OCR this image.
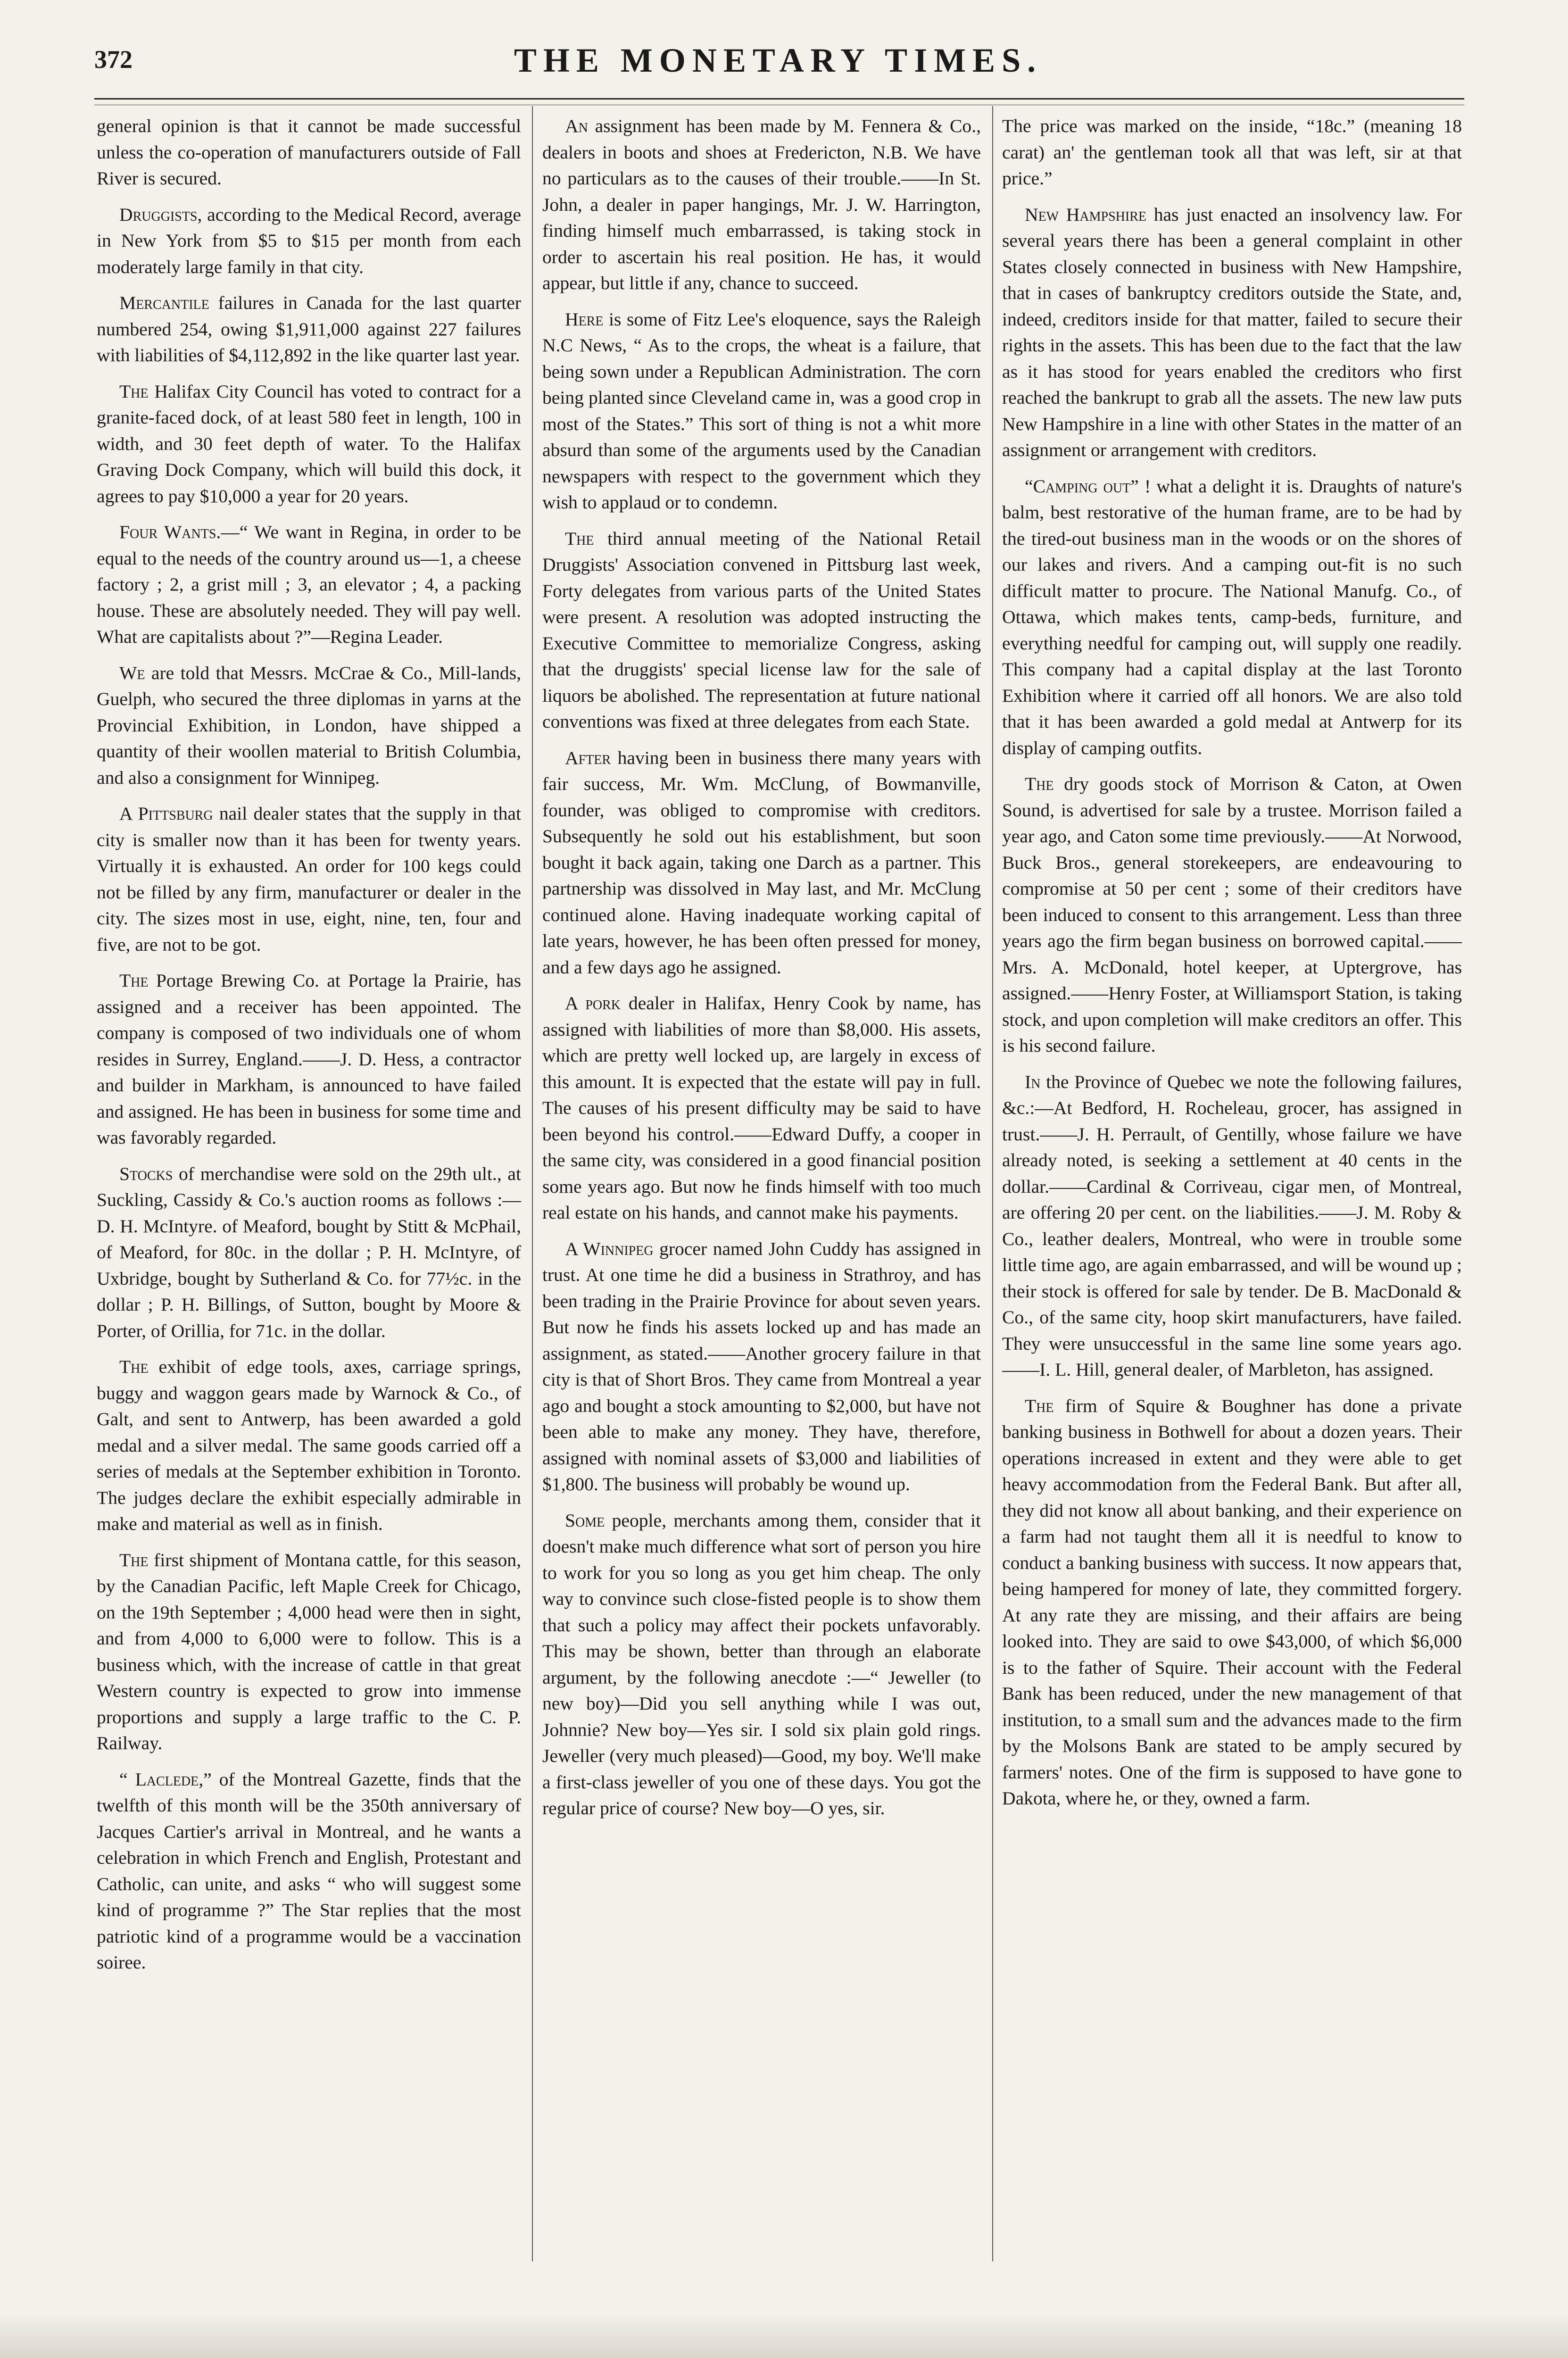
372	THE MONETARY TIMES.

general opinion is that it cannot be made successful unless the co-operation of manufacturers outside of Fall River is secured.

Druggists, according to the Medical Record, average in New York from $5 to $15 per month from each moderately large family in that city.

Mercantile failures in Canada for the last quarter numbered 254, owing $1,911,000 against 227 failures with liabilities of $4,112,892 in the like quarter last year.

The Halifax City Council has voted to contract for a granite-faced dock, of at least 580 feet in length, 100 in width, and 30 feet depth of water. To the Halifax Graving Dock Company, which will build this dock, it agrees to pay $10,000 a year for 20 years.

Four Wants.—“ We want in Regina, in order to be equal to the needs of the country around us—1, a cheese factory ; 2, a grist mill ; 3, an elevator ; 4, a packing house. These are absolutely needed. They will pay well. What are capitalists about ?”—Regina Leader.

We are told that Messrs. McCrae & Co., Mill-lands, Guelph, who secured the three diplomas in yarns at the Provincial Exhibition, in London, have shipped a quantity of their woollen material to British Columbia, and also a consignment for Winnipeg.

A Pittsburg nail dealer states that the supply in that city is smaller now than it has been for twenty years. Virtually it is exhausted. An order for 100 kegs could not be filled by any firm, manufacturer or dealer in the city. The sizes most in use, eight, nine, ten, four and five, are not to be got.

The Portage Brewing Co. at Portage la Prairie, has assigned and a receiver has been appointed. The company is composed of two individuals one of whom resides in Surrey, England.——J. D. Hess, a contractor and builder in Markham, is announced to have failed and assigned. He has been in business for some time and was favorably regarded.

Stocks of merchandise were sold on the 29th ult., at Suckling, Cassidy & Co.'s auction rooms as follows :—D. H. McIntyre. of Meaford, bought by Stitt & McPhail, of Meaford, for 80c. in the dollar ; P. H. McIntyre, of Uxbridge, bought by Sutherland & Co. for 77½c. in the dollar ; P. H. Billings, of Sutton, bought by Moore & Porter, of Orillia, for 71c. in the dollar.

The exhibit of edge tools, axes, carriage springs, buggy and waggon gears made by Warnock & Co., of Galt, and sent to Antwerp, has been awarded a gold medal and a silver medal. The same goods carried off a series of medals at the September exhibition in Toronto. The judges declare the exhibit especially admirable in make and material as well as in finish.

The first shipment of Montana cattle, for this season, by the Canadian Pacific, left Maple Creek for Chicago, on the 19th September ; 4,000 head were then in sight, and from 4,000 to 6,000 were to follow. This is a business which, with the increase of cattle in that great Western country is expected to grow into immense proportions and supply a large traffic to the C. P. Railway.

“ Laclede,” of the Montreal Gazette, finds that the twelfth of this month will be the 350th anniversary of Jacques Cartier's arrival in Montreal, and he wants a celebration in which French and English, Protestant and Catholic, can unite, and asks “ who will suggest some kind of programme ?” The Star replies that the most patriotic kind of a programme would be a vaccination soiree.

An assignment has been made by M. Fennera & Co., dealers in boots and shoes at Fredericton, N.B. We have no particulars as to the causes of their trouble.——In St. John, a dealer in paper hangings, Mr. J. W. Harrington, finding himself much embarrassed, is taking stock in order to ascertain his real position. He has, it would appear, but little if any, chance to succeed.

Here is some of Fitz Lee's eloquence, says the Raleigh N.C News, “ As to the crops, the wheat is a failure, that being sown under a Republican Administration. The corn being planted since Cleveland came in, was a good crop in most of the States.” This sort of thing is not a whit more absurd than some of the arguments used by the Canadian newspapers with respect to the government which they wish to applaud or to condemn.

The third annual meeting of the National Retail Druggists' Association convened in Pittsburg last week, Forty delegates from various parts of the United States were present. A resolution was adopted instructing the Executive Committee to memorialize Congress, asking that the druggists' special license law for the sale of liquors be abolished. The representation at future national conventions was fixed at three delegates from each State.

After having been in business there many years with fair success, Mr. Wm. McClung, of Bowmanville, founder, was obliged to compromise with creditors. Subsequently he sold out his establishment, but soon bought it back again, taking one Darch as a partner. This partnership was dissolved in May last, and Mr. McClung continued alone. Having inadequate working capital of late years, however, he has been often pressed for money, and a few days ago he assigned.

A pork dealer in Halifax, Henry Cook by name, has assigned with liabilities of more than $8,000. His assets, which are pretty well locked up, are largely in excess of this amount. It is expected that the estate will pay in full. The causes of his present difficulty may be said to have been beyond his control.——Edward Duffy, a cooper in the same city, was considered in a good financial position some years ago. But now he finds himself with too much real estate on his hands, and cannot make his payments.

A Winnipeg grocer named John Cuddy has assigned in trust. At one time he did a business in Strathroy, and has been trading in the Prairie Province for about seven years. But now he finds his assets locked up and has made an assignment, as stated.——Another grocery failure in that city is that of Short Bros. They came from Montreal a year ago and bought a stock amounting to $2,000, but have not been able to make any money. They have, therefore, assigned with nominal assets of $3,000 and liabilities of $1,800. The business will probably be wound up.

Some people, merchants among them, consider that it doesn't make much difference what sort of person you hire to work for you so long as you get him cheap. The only way to convince such close-fisted people is to show them that such a policy may affect their pockets unfavorably. This may be shown, better than through an elaborate argument, by the following anecdote :—“ Jeweller (to new boy)—Did you sell anything while I was out, Johnnie? New boy—Yes sir. I sold six plain gold rings. Jeweller (very much pleased)—Good, my boy. We'll make a first-class jeweller of you one of these days. You got the regular price of course? New boy—O yes, sir.

The price was marked on the inside, “18c.” (meaning 18 carat) an' the gentleman took all that was left, sir at that price.”

New Hampshire has just enacted an insolvency law. For several years there has been a general complaint in other States closely connected in business with New Hampshire, that in cases of bankruptcy creditors outside the State, and, indeed, creditors inside for that matter, failed to secure their rights in the assets. This has been due to the fact that the law as it has stood for years enabled the creditors who first reached the bankrupt to grab all the assets. The new law puts New Hampshire in a line with other States in the matter of an assignment or arrangement with creditors.

“Camping out” ! what a delight it is. Draughts of nature's balm, best restorative of the human frame, are to be had by the tired-out business man in the woods or on the shores of our lakes and rivers. And a camping out-fit is no such difficult matter to procure. The National Manufg. Co., of Ottawa, which makes tents, camp-beds, furniture, and everything needful for camping out, will supply one readily. This company had a capital display at the last Toronto Exhibition where it carried off all honors. We are also told that it has been awarded a gold medal at Antwerp for its display of camping outfits.

The dry goods stock of Morrison & Caton, at Owen Sound, is advertised for sale by a trustee. Morrison failed a year ago, and Caton some time previously.——At Norwood, Buck Bros., general storekeepers, are endeavouring to compromise at 50 per cent ; some of their creditors have been induced to consent to this arrangement. Less than three years ago the firm began business on borrowed capital.——Mrs. A. McDonald, hotel keeper, at Uptergrove, has assigned.——Henry Foster, at Williamsport Station, is taking stock, and upon completion will make creditors an offer. This is his second failure.

In the Province of Quebec we note the following failures, &c.:—At Bedford, H. Rocheleau, grocer, has assigned in trust.——J. H. Perrault, of Gentilly, whose failure we have already noted, is seeking a settlement at 40 cents in the dollar.——Cardinal & Corriveau, cigar men, of Montreal, are offering 20 per cent. on the liabilities.——J. M. Roby & Co., leather dealers, Montreal, who were in trouble some little time ago, are again embarrassed, and will be wound up ; their stock is offered for sale by tender. De B. MacDonald & Co., of the same city, hoop skirt manufacturers, have failed. They were unsuccessful in the same line some years ago.——I. L. Hill, general dealer, of Marbleton, has assigned.

The firm of Squire & Boughner has done a private banking business in Bothwell for about a dozen years. Their operations increased in extent and they were able to get heavy accommodation from the Federal Bank. But after all, they did not know all about banking, and their experience on a farm had not taught them all it is needful to know to conduct a banking business with success. It now appears that, being hampered for money of late, they committed forgery. At any rate they are missing, and their affairs are being looked into. They are said to owe $43,000, of which $6,000 is to the father of Squire. Their account with the Federal Bank has been reduced, under the new management of that institution, to a small sum and the advances made to the firm by the Molsons Bank are stated to be amply secured by farmers' notes. One of the firm is supposed to have gone to Dakota, where he, or they, owned a farm.
